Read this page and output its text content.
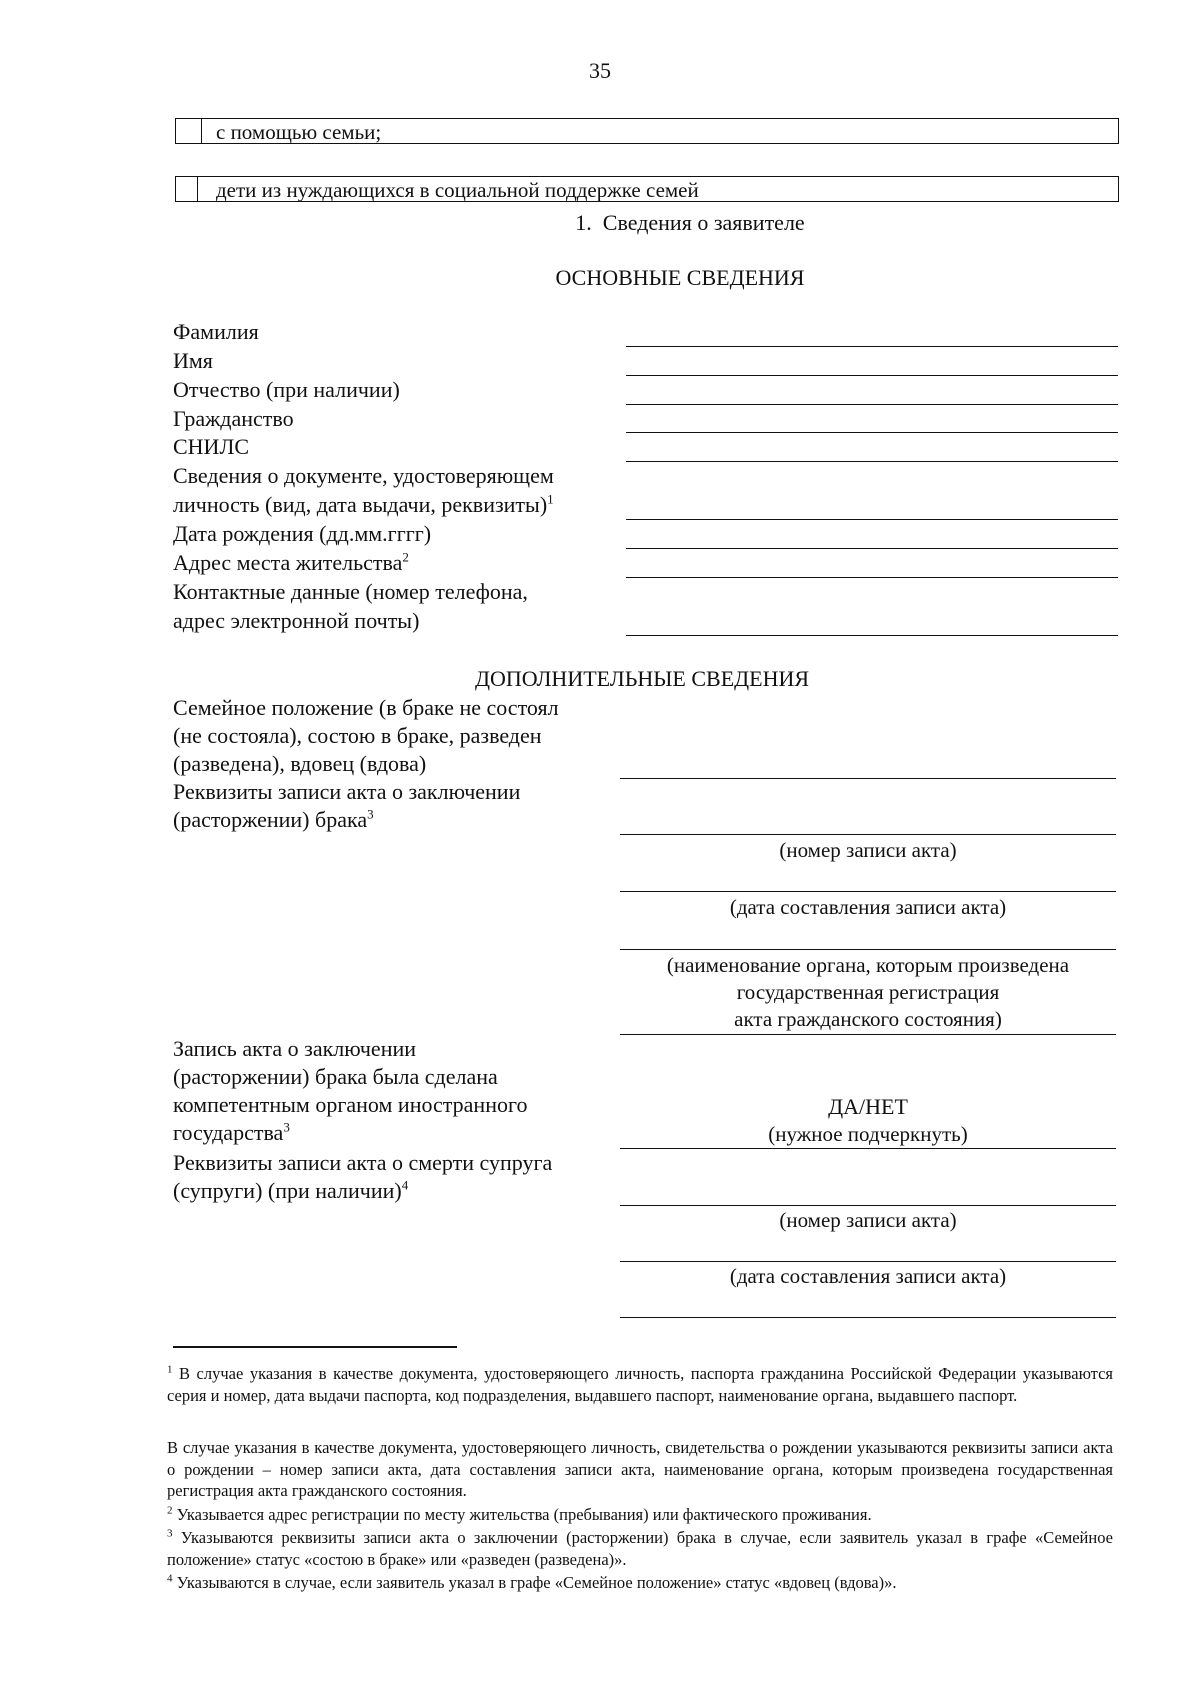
35
с помощью семьи;
дети из нуждающихся в социальной поддержке семей
1.  Сведения о заявителе
ОСНОВНЫЕ СВЕДЕНИЯ
Фамилия
Имя
Отчество (при наличии)
Гражданство
СНИЛС
Сведения о документе, удостоверяющем
личность (вид, дата выдачи, реквизиты)$^1$
Дата рождения (дд.мм.гггг)
Адрес места жительства$^2$
Контактные данные (номер телефона,
адрес электронной почты)
ДОПОЛНИТЕЛЬНЫЕ СВЕДЕНИЯ
Семейное положение (в браке не состоял
(не состояла), состою в браке, разведен
(разведена), вдовец (вдова)
Реквизиты записи акта о заключении
(расторжении) брака$^3$
(номер записи акта)
(дата составления записи акта)
(наименование органа, которым произведена
государственная регистрация
акта гражданского состояния)
Запись акта о заключении
(расторжении) брака была сделана
компетентным органом иностранного
государства$^3$
ДА/НЕТ
(нужное подчеркнуть)
Реквизиты записи акта о смерти супруга
(супруги) (при наличии)$^4$
(номер записи акта)
(дата составления записи акта)
$^1$ В случае указания в качестве документа, удостоверяющего личность, паспорта гражданина Российской Федерации указываются серия и номер, дата выдачи паспорта, код подразделения, выдавшего паспорт, наименование органа, выдавшего паспорт.
В случае указания в качестве документа, удостоверяющего личность, свидетельства о рождении указываются реквизиты записи акта о рождении – номер записи акта, дата составления записи акта, наименование органа, которым произведена государственная регистрация акта гражданского состояния.
$^2$ Указывается адрес регистрации по месту жительства (пребывания) или фактического проживания.
$^3$ Указываются реквизиты записи акта о заключении (расторжении) брака в случае, если заявитель указал в графе «Семейное положение» статус «состою в браке» или «разведен (разведена)».
$^4$ Указываются в случае, если заявитель указал в графе «Семейное положение» статус «вдовец (вдова)».
